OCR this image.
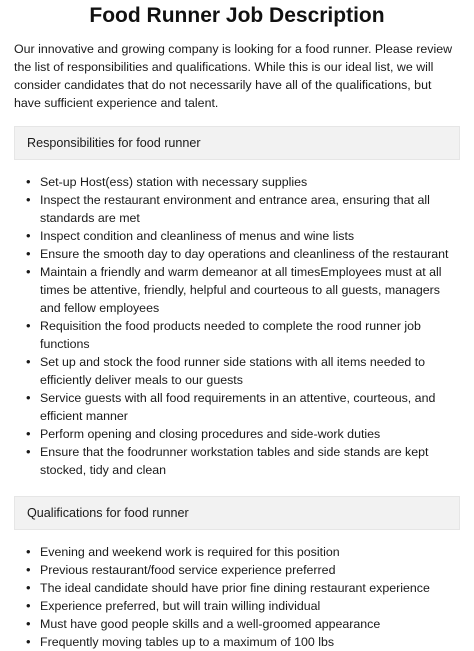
Food Runner Job Description

Our innovative and growing company is looking for a food runner. Please review the list of responsibilities and qualifications. While this is our ideal list, we will consider candidates that do not necessarily have all of the qualifications, but have sufficient experience and talent.

Responsibilities for food runner
• Set-up Host(ess) station with necessary supplies
• Inspect the restaurant environment and entrance area, ensuring that all standards are met
• Inspect condition and cleanliness of menus and wine lists
• Ensure the smooth day to day operations and cleanliness of the restaurant
• Maintain a friendly and warm demeanor at all timesEmployees must at all times be attentive, friendly, helpful and courteous to all guests, managers and fellow employees
• Requisition the food products needed to complete the rood runner job functions
• Set up and stock the food runner side stations with all items needed to efficiently deliver meals to our guests
• Service guests with all food requirements in an attentive, courteous, and efficient manner
• Perform opening and closing procedures and side-work duties
• Ensure that the foodrunner workstation tables and side stands are kept stocked, tidy and clean
Qualifications for food runner
• Evening and weekend work is required for this position
• Previous restaurant/food service experience preferred
• The ideal candidate should have prior fine dining restaurant experience
• Experience preferred, but will train willing individual
• Must have good people skills and a well-groomed appearance
• Frequently moving tables up to a maximum of 100 lbs
